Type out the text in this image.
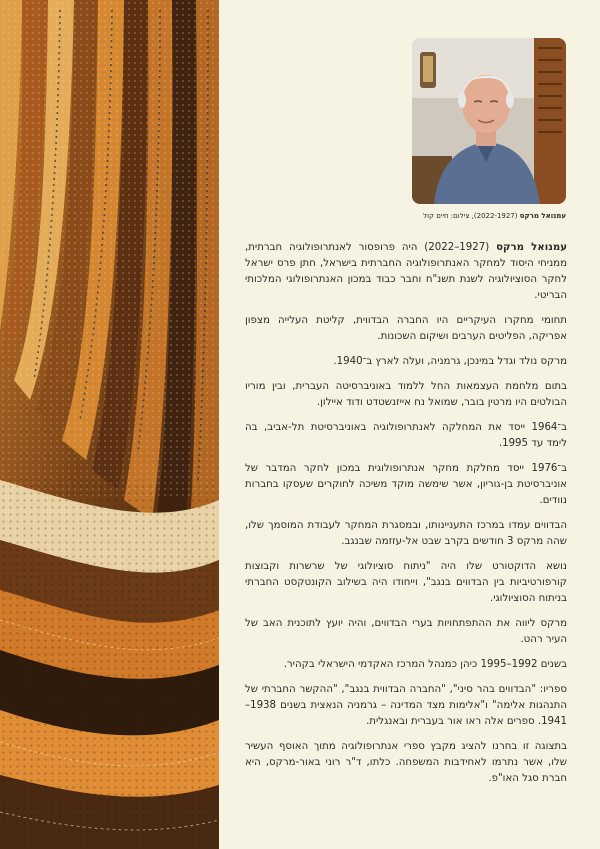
עמנואל מרקס (2022-1927), צילום: חיים קול

עמנואל מרקס (1927–2022) היה פרופסור לאנתרופולוגיה חברתית, ממניחי היסוד למחקר האנתרופולוגיה החברתית בישראל, חתן פרס ישראל לחקר הסוציולוגיה לשנת תשנ"ח וחבר כבוד במכון האנתרופולוגי המלכותי הבריטי.

תחומי מחקרו העיקריים היו החברה הבדווית, קליטת העלייה מצפון אפריקה, הפליטים הערבים ושיקום השכונות.

מרקס נולד וגדל במינכן, גרמניה, ועלה לארץ ב־1940.

בתום מלחמת העצמאות החל ללמוד באוניברסיטה העברית, ובין מוריו הבולטים היו מרטין בובר, שמואל נח אייזנשטדט ודוד איילון.

ב־1964 ייסד את המחלקה לאנתרופולוגיה באוניברסיטת תל-אביב, בה לימד עד 1995.

ב־1976 ייסד מחלקת מחקר אנתרופולוגית במכון לחקר המדבר של אוניברסיטת בן-גוריון, אשר שימשה מוקד משיכה לחוקרים שעסקו בחברות נוודים.

הבדווים עמדו במרכז התעניינותו, ובמסגרת המחקר לעבודת המוסמך שלו, שהה מרקס 3 חודשים בקרב שבט אל-עזזמה שבנגב.

נושא הדוקטורט שלו היה "ניתוח סוציולוגי של שרשרות וקבוצות קורפורטיביות בין הבדווים בנגב", וייחודו היה בשילוב הקונטקסט החברתי בניתוח הסוציולוגי.

מרקס ליווה את ההתפתחויות בערי הבדווים, והיה יועץ לתוכנית האב של העיר רהט.

בשנים 1992–1995 כיהן כמנהל המרכז האקדמי הישראלי בקהיר.

ספריו: "הבדווים בהר סיני", "החברה הבדווית בנגב", "ההקשר החברתי של התנהגות אלימה" ו"אלימות מצד המדינה – גרמניה הנאצית בשנים 1938–1941. ספרים אלה ראו אור בעברית ובאנגלית.

בתצוגה זו בחרנו להציג מקבץ ספרי אנתרופולוגיה מתוך האוסף העשיר שלו, אשר נתרמו לאחידבות המשפחה. כלתו, ד"ר רוני באור-מרקס, היא חברת סגל האו"פ.
